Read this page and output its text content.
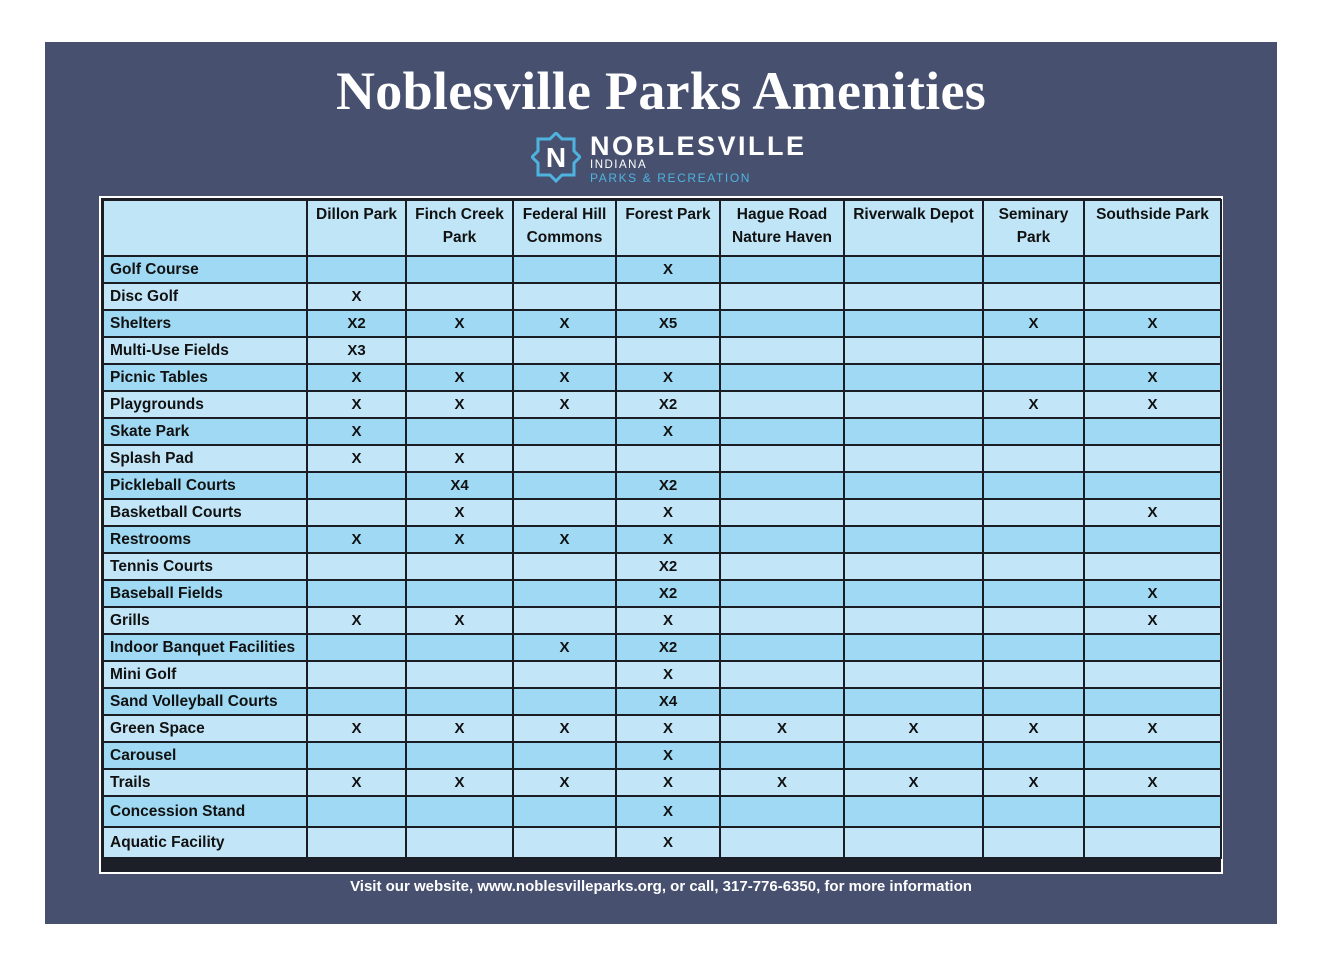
Noblesville Parks Amenities
N NOBLESVILLE
INDIANA
PARKS & RECREATION
	Dillon Park	Finch Creek Park	Federal Hill Commons	Forest Park	Hague Road Nature Haven	Riverwalk Depot	Seminary Park	Southside Park
Golf Course				X				
Disc Golf	X							
Shelters	X2	X	X	X5			X	X
Multi-Use Fields	X3							
Picnic Tables	X	X	X	X				X
Playgrounds	X	X	X	X2			X	X
Skate Park	X			X				
Splash Pad	X	X						
Pickleball Courts		X4		X2				
Basketball Courts		X		X				X
Restrooms	X	X	X	X				
Tennis Courts				X2				
Baseball Fields				X2				X
Grills	X	X		X				X
Indoor Banquet Facilities			X	X2				
Mini Golf				X				
Sand Volleyball Courts				X4				
Green Space	X	X	X	X	X	X	X	X
Carousel				X				
Trails	X	X	X	X	X	X	X	X
Concession Stand				X				
Aquatic Facility				X				

Visit our website, www.noblesvilleparks.org, or call, 317-776-6350, for more information
